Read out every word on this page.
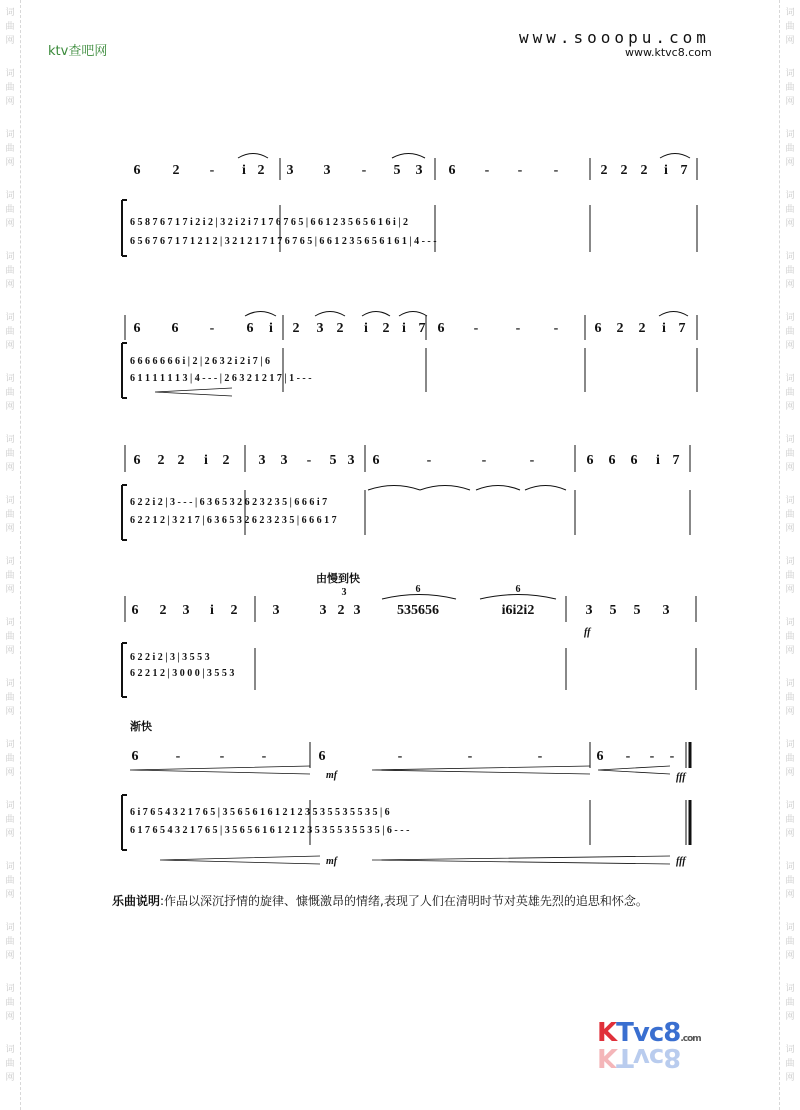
词
曲
网
词
曲
网
词
曲
网
词
曲
网
词
曲
网
词
曲
网
词
曲
网
词
曲
网
词
曲
网
词
曲
网
词
曲
网
词
曲
网
词
曲
网
词
曲
网
词
曲
网
词
曲
网
词
曲
网
词
曲
网
词
曲
网
词
曲
网
词
曲
网
词
曲
网
词
曲
网
词
曲
网
词
曲
网
词
曲
网
词
曲
网
词
曲
网
词
曲
网
词
曲
网
词
曲
网
词
曲
网
词
曲
网
词
曲
网
词
曲
网
词
曲
网
ktv查吧网
www.sooopu.com
www.ktvc8.com
6 2 - i 2 3 3 - 5 3 6 - - -	2 2 2 i 7
6 5 8 7 6 7 1 7 i 2 i 2 | 3 2 i 2 i 7 1 7 6 7 6 5 | 6 6 1 2 3 5 6 5 6 1 6 i | 2
6 5 6 7 6 7 1 7 1 2 1 2 | 3 2 1 2 1 7 1 7 6 7 6 5 | 6 6 1 2 3 5 6 5 6 1 6 1 | 4 - - -
6 6 - 6 i 2 3 2 i 2 i 7 6 -	- -	6 2 2 i 7
6 6 6 6 6 6 6 i | 2 | 2 6 3 2 i 2 i 7 | 6
6 1 1 1 1 1 1 3 | 4 - - - | 2 6 3 2 1 2 1 7 | 1 - - -
6 2 2 i 2 3 3 - 5 3 6	-	-	-	6 6 6 i 7
6 2 2 i 2 | 3 - - - | 6 3 6 5 3 2 6 2 3 2 3 5 | 6 6 6 i 7
6 2 2 1 2 | 3 2 1 7 | 6 3 6 5 3 2 6 2 3 2 3 5 | 6 6 6 1 7
由慢到快
6 2 3 i 2	3	3 2 3	535656	i6i2i2	3 5 5 3
3	6	6
ff
6 2 2 i 2 | 3 | 3 5 5 3
6 2 2 1 2 | 3 0 0 0 | 3 5 5 3
渐快
6	-	-	-	6	-	-	-	6 - - -
mf	fff
6 i 7 6 5 4 3 2 1 7 6 5 | 3 5 6 5 6 1 6 1 2 1 2 3 5 3 5 5 3 5 5 3 5 | 6
6 1 7 6 5 4 3 2 1 7 6 5 | 3 5 6 5 6 1 6 1 2 1 2 3 5 3 5 5 3 5 5 3 5 | 6 - - -
mf	fff
乐曲说明:作品以深沉抒情的旋律、慷慨激昂的情绪,表现了人们在清明时节对英雄先烈的追思和怀念。
KTvc8.com
KTvc8
